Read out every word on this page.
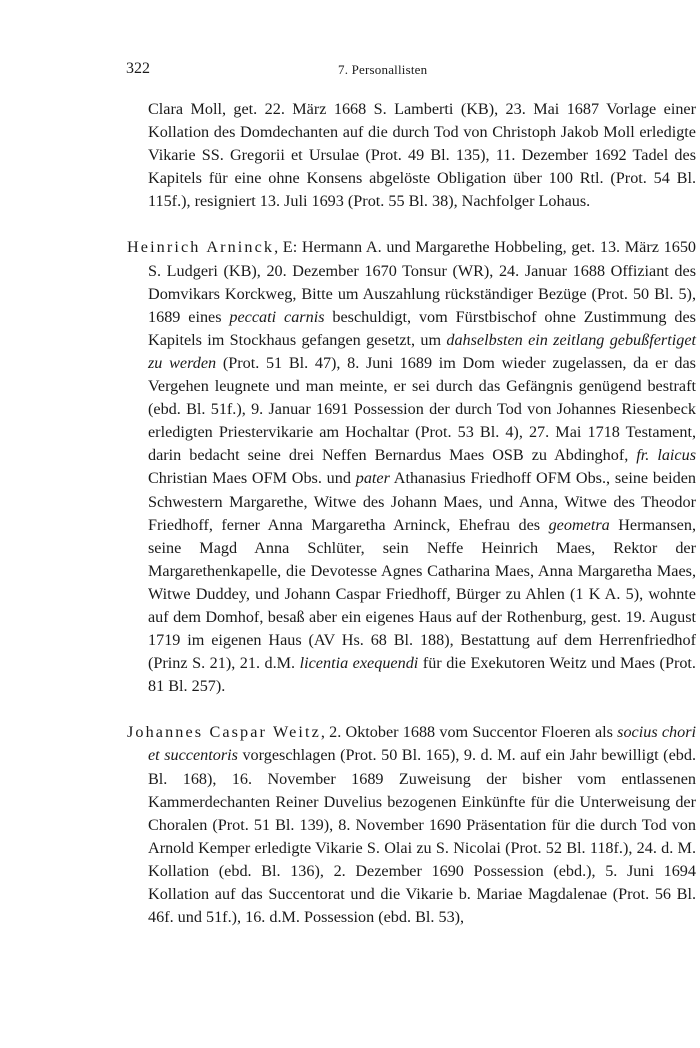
322	7. Personallisten

Clara Moll, get. 22. März 1668 S. Lamberti (KB), 23. Mai 1687 Vorlage einer Kollation des Domdechanten auf die durch Tod von Christoph Jakob Moll erledigte Vikarie SS. Gregorii et Ursulae (Prot. 49 Bl. 135), 11. Dezember 1692 Tadel des Kapitels für eine ohne Konsens abgelöste Obligation über 100 Rtl. (Prot. 54 Bl. 115f.), resigniert 13. Juli 1693 (Prot. 55 Bl. 38), Nachfolger Lohaus.

Heinrich Arninck, E: Hermann A. und Margarethe Hobbeling, get. 13. März 1650 S. Ludgeri (KB), 20. Dezember 1670 Tonsur (WR), 24. Januar 1688 Offiziant des Domvikars Korckweg, Bitte um Auszahlung rückständiger Bezüge (Prot. 50 Bl. 5), 1689 eines peccati carnis beschuldigt, vom Fürstbischof ohne Zustimmung des Kapitels im Stockhaus gefangen gesetzt, um dahselbsten ein zeitlang gebußfertiget zu werden (Prot. 51 Bl. 47), 8. Juni 1689 im Dom wieder zugelassen, da er das Vergehen leugnete und man meinte, er sei durch das Gefängnis genügend bestraft (ebd. Bl. 51f.), 9. Januar 1691 Possession der durch Tod von Johannes Riesenbeck erledigten Priestervikarie am Hochaltar (Prot. 53 Bl. 4), 27. Mai 1718 Testament, darin bedacht seine drei Neffen Bernardus Maes OSB zu Abdinghof, fr. laicus Christian Maes OFM Obs. und pater Athanasius Friedhoff OFM Obs., seine beiden Schwestern Margarethe, Witwe des Johann Maes, und Anna, Witwe des Theodor Friedhoff, ferner Anna Margaretha Arninck, Ehefrau des geometra Hermansen, seine Magd Anna Schlüter, sein Neffe Heinrich Maes, Rektor der Margarethenkapelle, die Devotesse Agnes Catharina Maes, Anna Margaretha Maes, Witwe Duddey, und Johann Caspar Friedhoff, Bürger zu Ahlen (1 K A. 5), wohnte auf dem Domhof, besaß aber ein eigenes Haus auf der Rothenburg, gest. 19. August 1719 im eigenen Haus (AV Hs. 68 Bl. 188), Bestattung auf dem Herrenfriedhof (Prinz S. 21), 21. d.M. licentia exequendi für die Exekutoren Weitz und Maes (Prot. 81 Bl. 257).

Johannes Caspar Weitz, 2. Oktober 1688 vom Succentor Floeren als socius chori et succentoris vorgeschlagen (Prot. 50 Bl. 165), 9. d. M. auf ein Jahr bewilligt (ebd. Bl. 168), 16. November 1689 Zuweisung der bisher vom entlassenen Kammerdechanten Reiner Duvelius bezogenen Einkünfte für die Unterweisung der Choralen (Prot. 51 Bl. 139), 8. November 1690 Präsentation für die durch Tod von Arnold Kemper erledigte Vikarie S. Olai zu S. Nicolai (Prot. 52 Bl. 118f.), 24. d. M. Kollation (ebd. Bl. 136), 2. Dezember 1690 Possession (ebd.), 5. Juni 1694 Kollation auf das Succentorat und die Vikarie b. Mariae Magdalenae (Prot. 56 Bl. 46f. und 51f.), 16. d.M. Possession (ebd. Bl. 53),
